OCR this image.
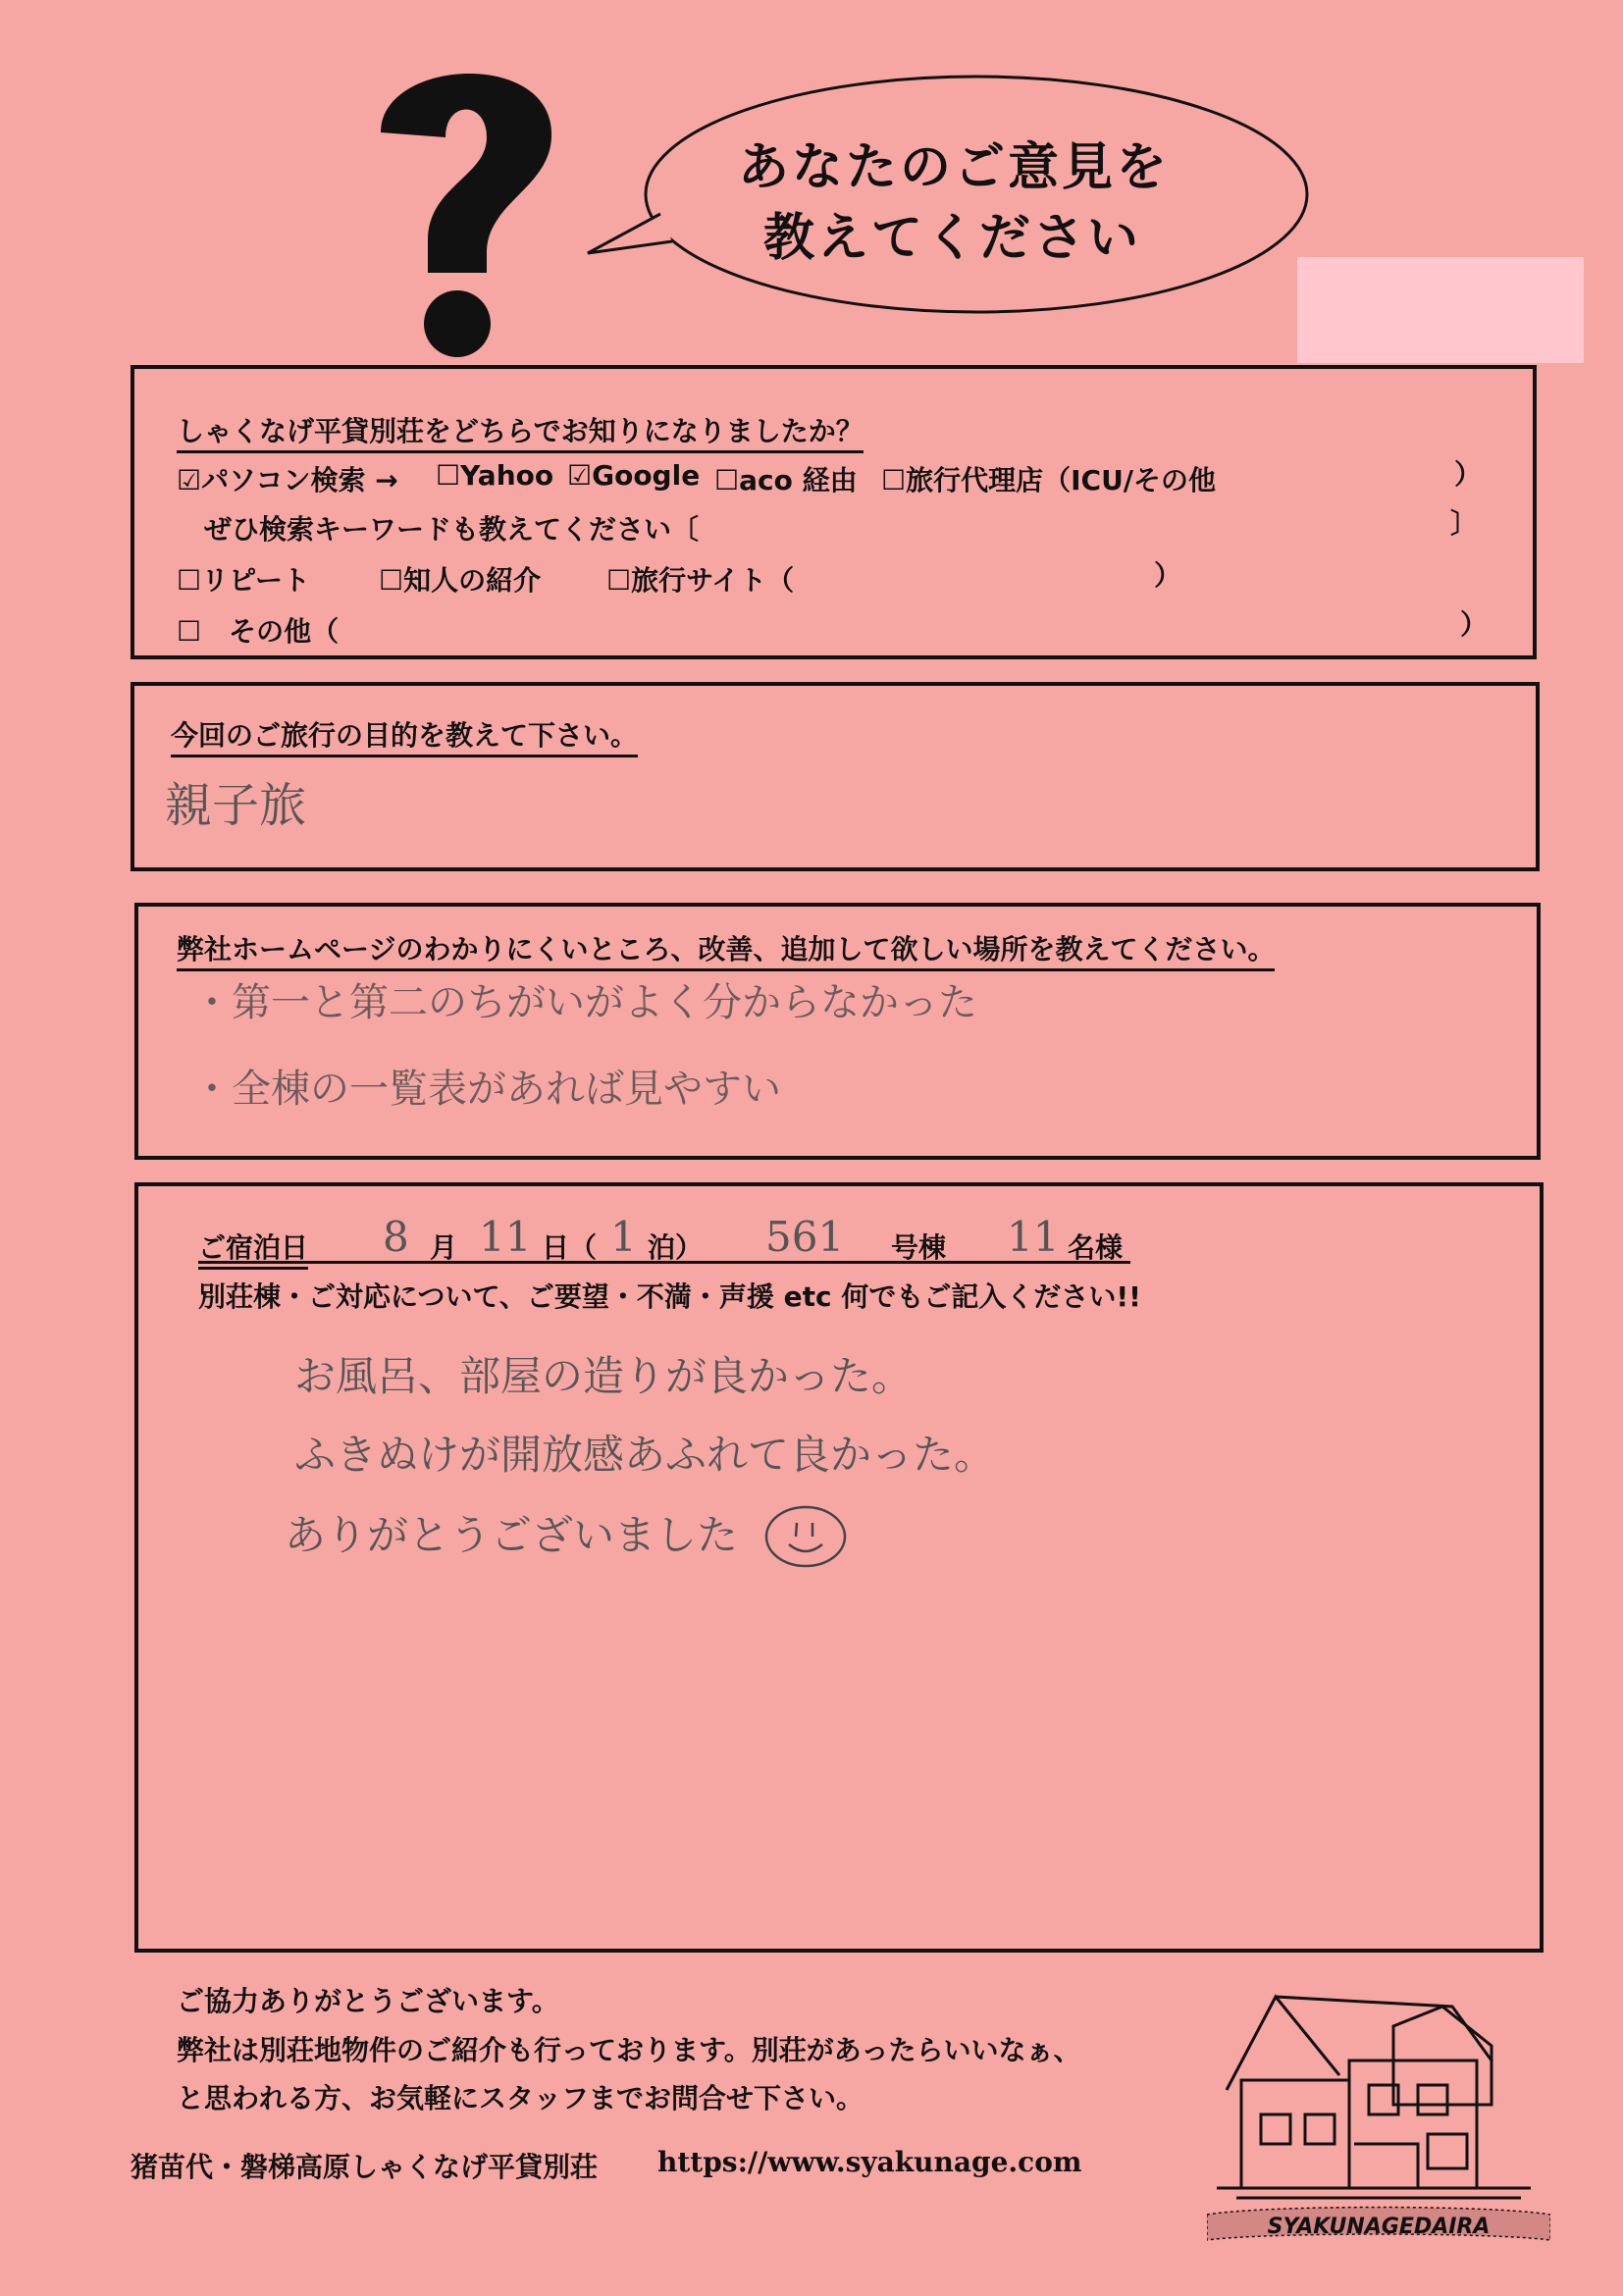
あなたのご意見を
教えてください
しゃくなげ平貸別荘をどちらでお知りになりましたか？
☑パソコン検索 → ☐Yahoo ☑Google ☐aco 経由 ☐旅行代理店（ICU/その他	）
ぜひ検索キーワードも教えてください〔	〕
☐リピート	☐知人の紹介 ☐旅行サイト（	）
☐　その他（	）
今回のご旅行の目的を教えて下さい。
親子旅
弊社ホームページのわかりにくいところ、改善、追加して欲しい場所を教えてください。
・第一と第二のちがいがよく分からなかった
・全棟の一覧表があれば見やすい
ご宿泊日 8 月 11 日（ 1 泊） 561 号棟 11 名様
別荘棟・ご対応について、ご要望・不満・声援 etc 何でもご記入ください!!
お風呂、部屋の造りが良かった。
ふきぬけが開放感あふれて良かった。
ありがとうございました
ご協力ありがとうございます。
弊社は別荘地物件のご紹介も行っております。別荘があったらいいなぁ、
と思われる方、お気軽にスタッフまでお問合せ下さい。
猪苗代・磐梯高原しゃくなげ平貸別荘 https://www.syakunage.com
SYAKUNAGEDAIRA
